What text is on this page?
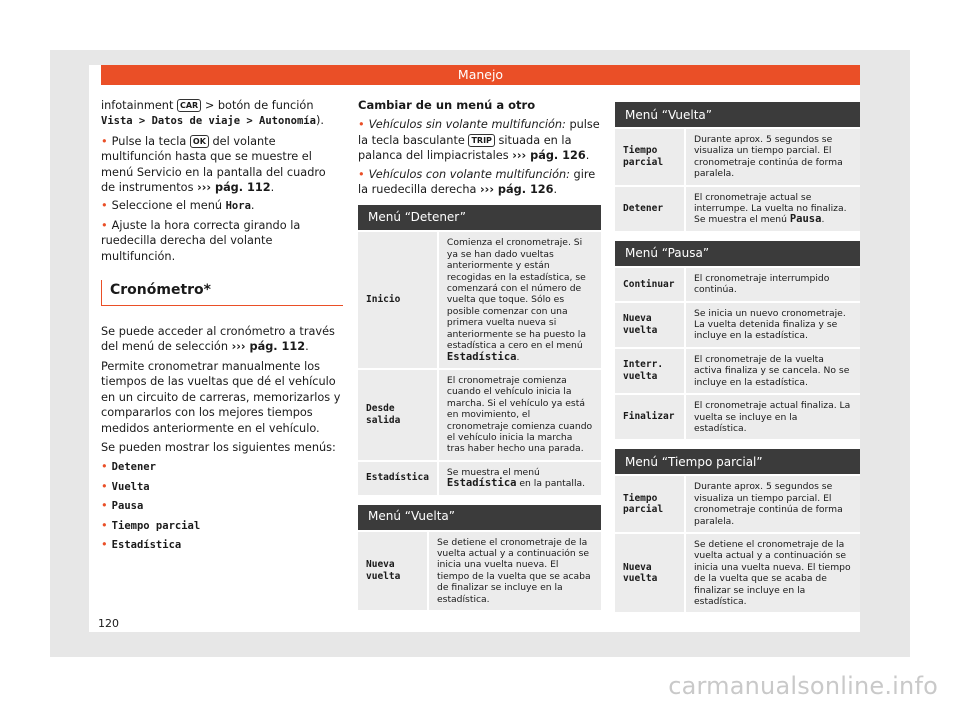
Manejo

infotainment CAR > botón de función Vista > Datos de viaje > Autonomía).

• Pulse la tecla OK del volante multifunción hasta que se muestre el menú Servicio en la pantalla del cuadro de instrumentos ››› pág. 112.

• Seleccione el menú Hora.

• Ajuste la hora correcta girando la ruedecilla derecha del volante multifunción.

Cronómetro*

Se puede acceder al cronómetro a través del menú de selección ››› pág. 112.

Permite cronometrar manualmente los tiempos de las vueltas que dé el vehículo en un circuito de carreras, memorizarlos y compararlos con los mejores tiempos medidos anteriormente en el vehículo.

Se pueden mostrar los siguientes menús:

• Detener
• Vuelta
• Pausa
• Tiempo parcial
• Estadística
Cambiar de un menú a otro

• Vehículos sin volante multifunción: pulse la tecla basculante TRIP situada en la palanca del limpiacristales ››› pág. 126.

• Vehículos con volante multifunción: gire la ruedecilla derecha ››› pág. 126.

Menú “Detener”	
Inicio	Comienza el cronometraje. Si ya se han dado vueltas anteriormente y están recogidas en la estadística, se comenzará con el número de vuelta que toque. Sólo es posible comenzar con una primera vuelta nueva si anteriormente se ha puesto la estadística a cero en el menú Estadística.
Desde salida	El cronometraje comienza cuando el vehículo inicia la marcha. Si el vehículo ya está en movimiento, el cronometraje comienza cuando el vehículo inicia la marcha tras haber hecho una parada.
Estadística	Se muestra el menú Estadística en la pantalla.
Menú “Vuelta”
Nueva vuelta	Se detiene el cronometraje de la vuelta actual y a continuación se inicia una vuelta nueva. El tiempo de la vuelta que se acaba de finalizar se incluye en la estadística.
Menú “Vuelta”	
Tiempo parcial	Durante aprox. 5 segundos se visualiza un tiempo parcial. El cronometraje continúa de forma paralela.
Detener	El cronometraje actual se interrumpe. La vuelta no finaliza. Se muestra el menú Pausa.
Menú “Pausa”	
Continuar	El cronometraje interrumpido continúa.
Nueva vuelta	Se inicia un nuevo cronometraje. La vuelta detenida finaliza y se incluye en la estadística.
Interr. vuelta	El cronometraje de la vuelta activa finaliza y se cancela. No se incluye en la estadística.
Finalizar	El cronometraje actual finaliza. La vuelta se incluye en la estadística.
Menú “Tiempo parcial”	
Tiempo parcial	Durante aprox. 5 segundos se visualiza un tiempo parcial. El cronometraje continúa de forma paralela.
Nueva vuelta	Se detiene el cronometraje de la vuelta actual y a continuación se inicia una vuelta nueva. El tiempo de la vuelta que se acaba de finalizar se incluye en la estadística.
120
carmanualsonline.info
